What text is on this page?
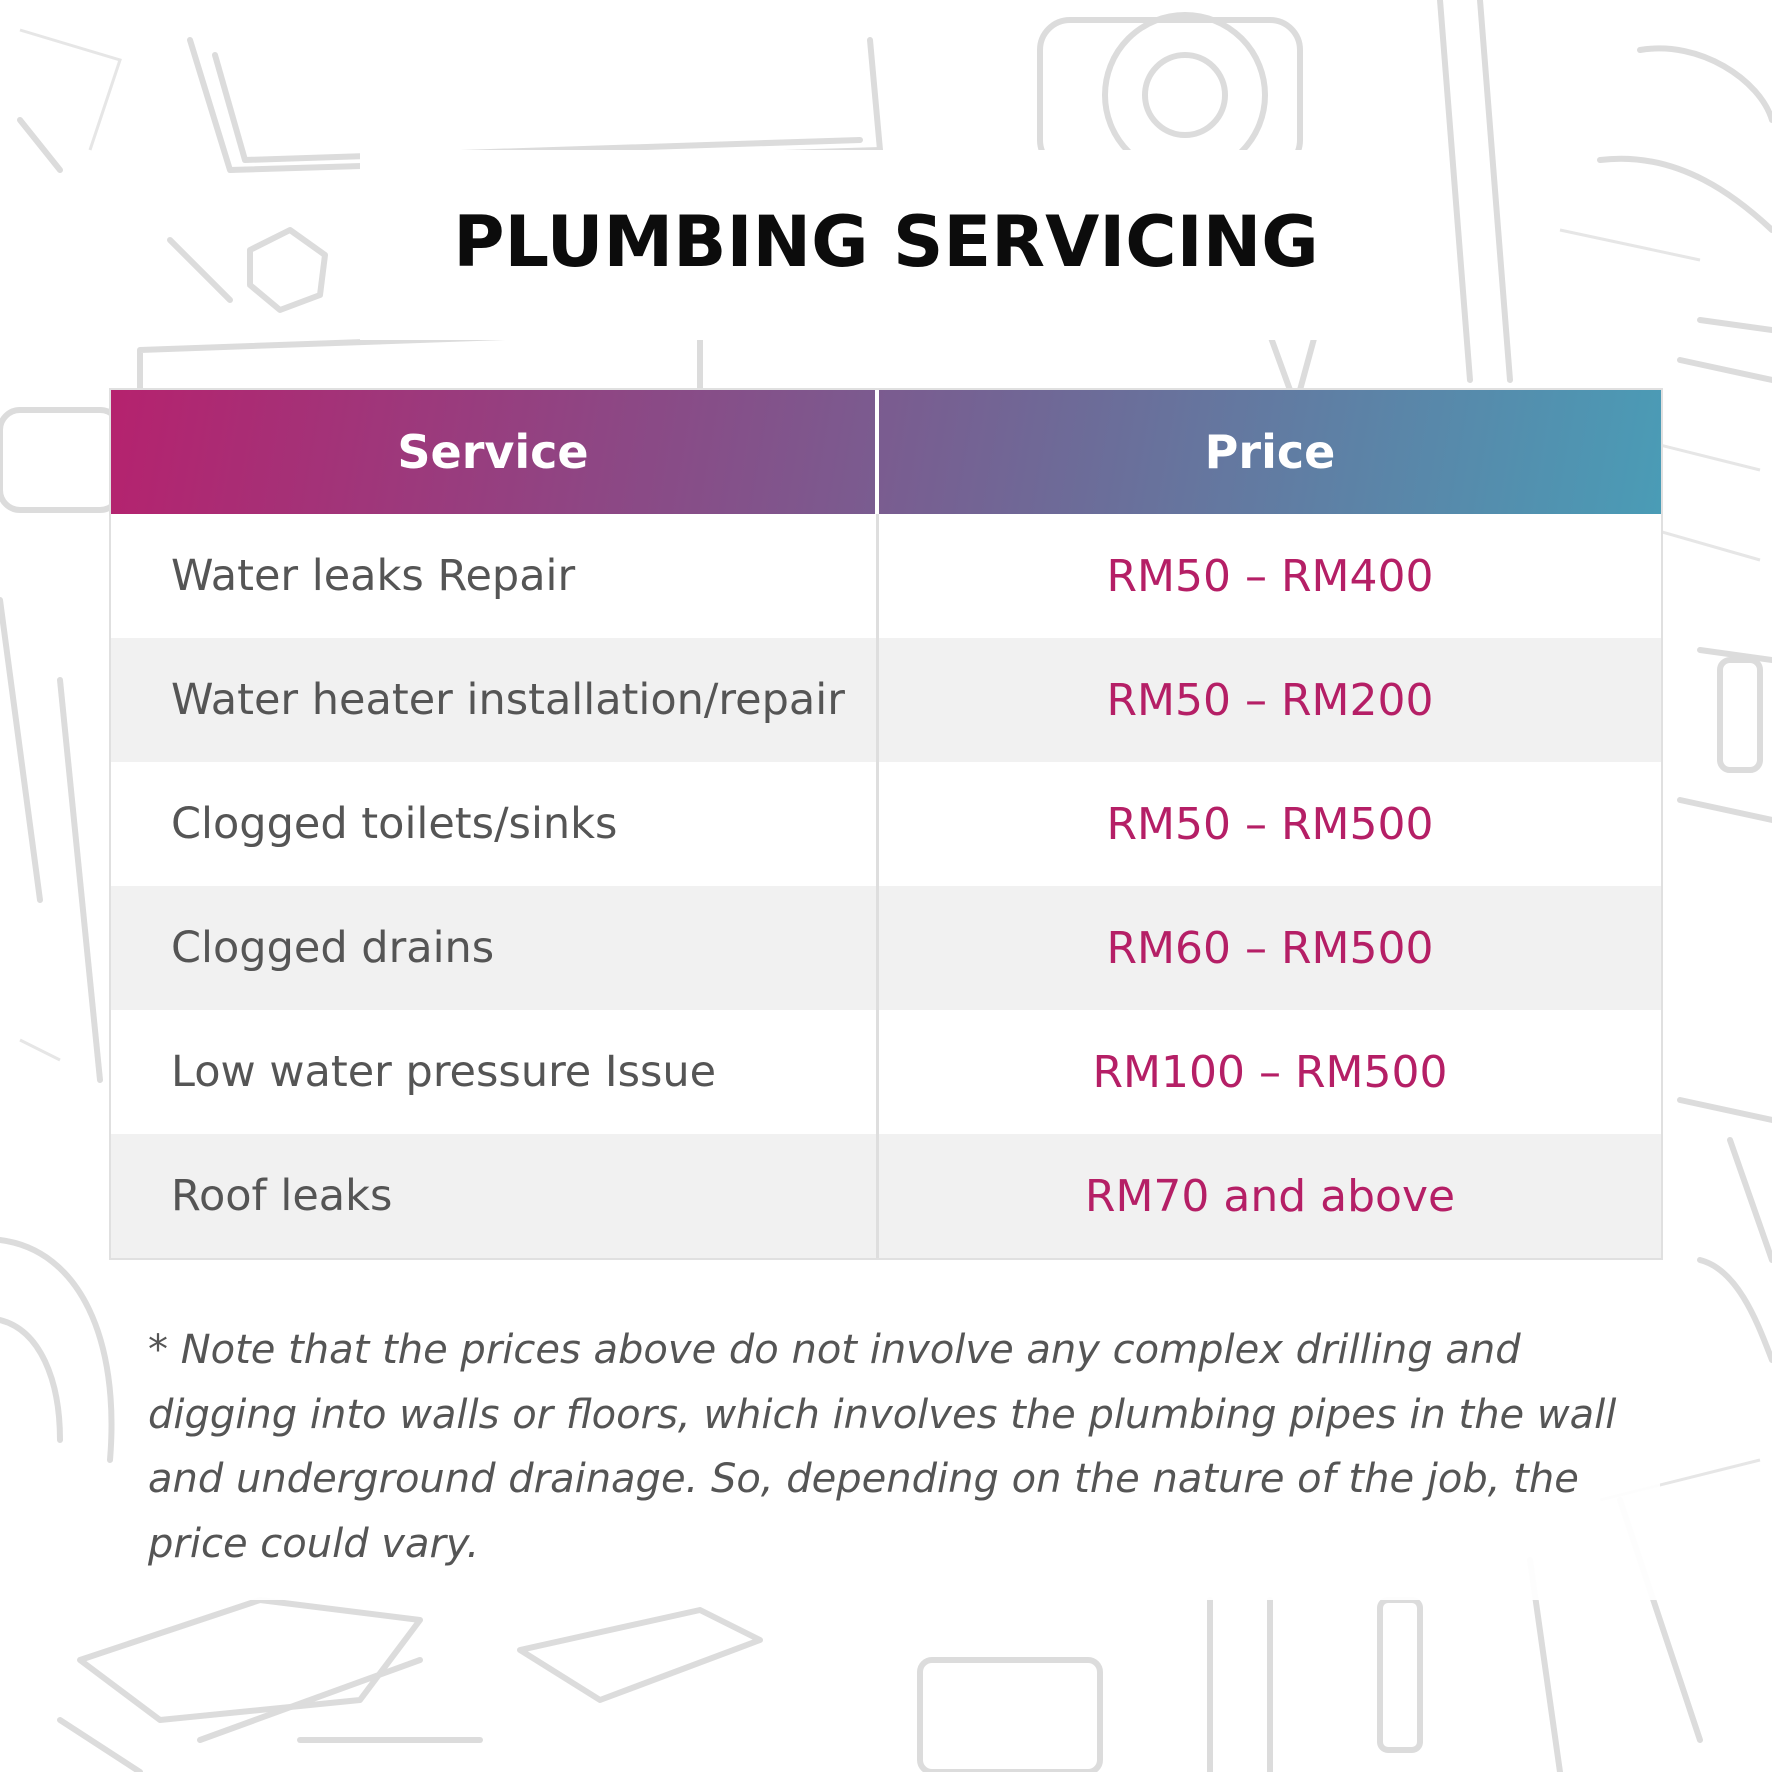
PLUMBING SERVICING
Service	Price
Water leaks Repair	RM50 – RM400
Water heater installation/repair	RM50 – RM200
Clogged toilets/sinks	RM50 – RM500
Clogged drains	RM60 – RM500
Low water pressure Issue	RM100 – RM500
Roof leaks	RM70 and above

* Note that the prices above do not involve any complex drilling and digging into walls or floors, which involves the plumbing pipes in the wall and underground drainage. So, depending on the nature of the job, the price could vary.
